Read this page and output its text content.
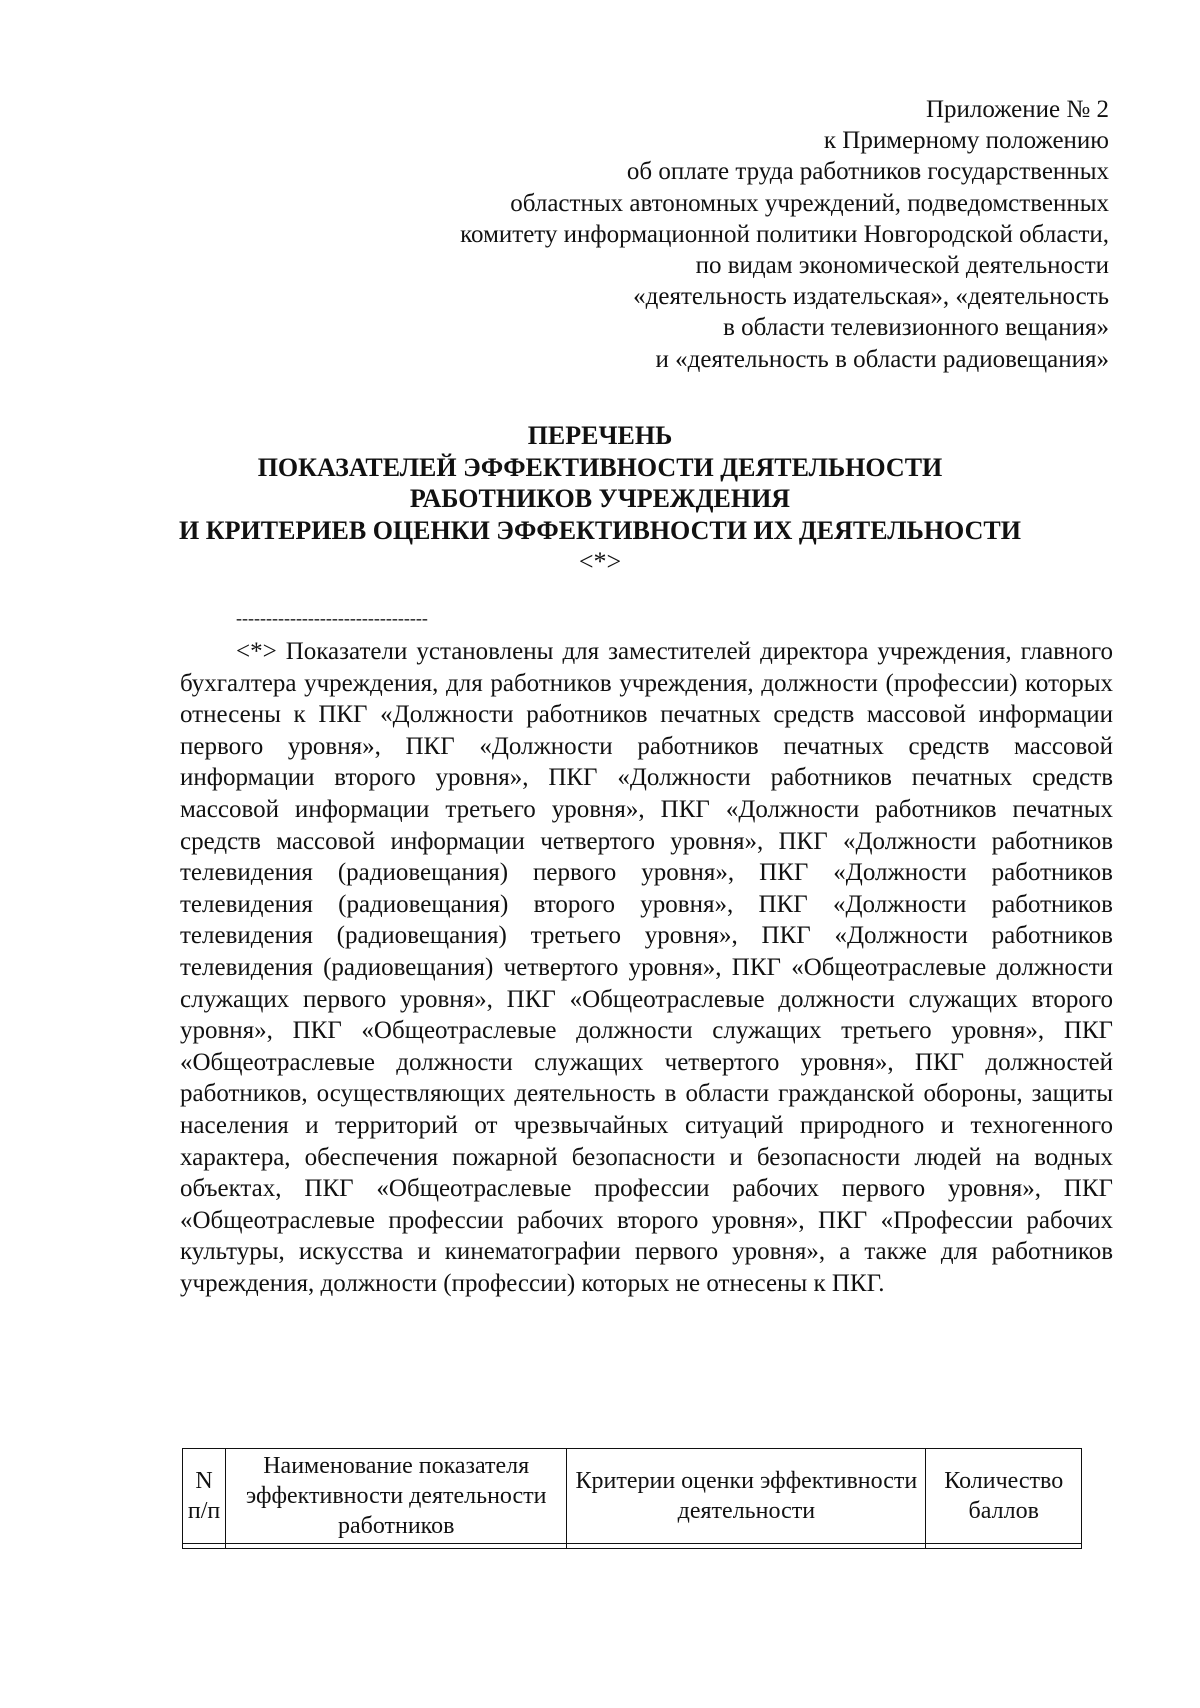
Приложение № 2
к Примерному положению
об оплате труда работников государственных
областных автономных учреждений, подведомственных
комитету информационной политики Новгородской области,
по видам экономической деятельности
«деятельность издательская», «деятельность
в области телевизионного вещания»
и «деятельность в области радиовещания»
ПЕРЕЧЕНЬ
ПОКАЗАТЕЛЕЙ ЭФФЕКТИВНОСТИ ДЕЯТЕЛЬНОСТИ
РАБОТНИКОВ УЧРЕЖДЕНИЯ
И КРИТЕРИЕВ ОЦЕНКИ ЭФФЕКТИВНОСТИ ИХ ДЕЯТЕЛЬНОСТИ
<*>
--------------------------------
<*> Показатели установлены для заместителей директора учреждения, главного бухгалтера учреждения, для работников учреждения, должности (профессии) которых отнесены к ПКГ «Должности работников печатных средств массовой информации первого уровня», ПКГ «Должности работников печатных средств массовой информации второго уровня», ПКГ «Должности работников печатных средств массовой информации третьего уровня», ПКГ «Должности работников печатных средств массовой информации четвертого уровня», ПКГ «Должности работников телевидения (радиовещания) первого уровня», ПКГ «Должности работников телевидения (радиовещания) второго уровня», ПКГ «Должности работников телевидения (радиовещания) третьего уровня», ПКГ «Должности работников телевидения (радиовещания) четвертого уровня», ПКГ «Общеотраслевые должности служащих первого уровня», ПКГ «Общеотраслевые должности служащих второго уровня», ПКГ «Общеотраслевые должности служащих третьего уровня», ПКГ «Общеотраслевые должности служащих четвертого уровня», ПКГ должностей работников, осуществляющих деятельность в области гражданской обороны, защиты населения и территорий от чрезвычайных ситуаций природного и техногенного характера, обеспечения пожарной безопасности и безопасности людей на водных объектах, ПКГ «Общеотраслевые профессии рабочих первого уровня», ПКГ «Общеотраслевые профессии рабочих второго уровня», ПКГ «Профессии рабочих культуры, искусства и кинематографии первого уровня», а также для работников учреждения, должности (профессии) которых не отнесены к ПКГ.
N п/п	Наименование показателя эффективности деятельности работников	Критерии оценки эффективности деятельности	Количество баллов
